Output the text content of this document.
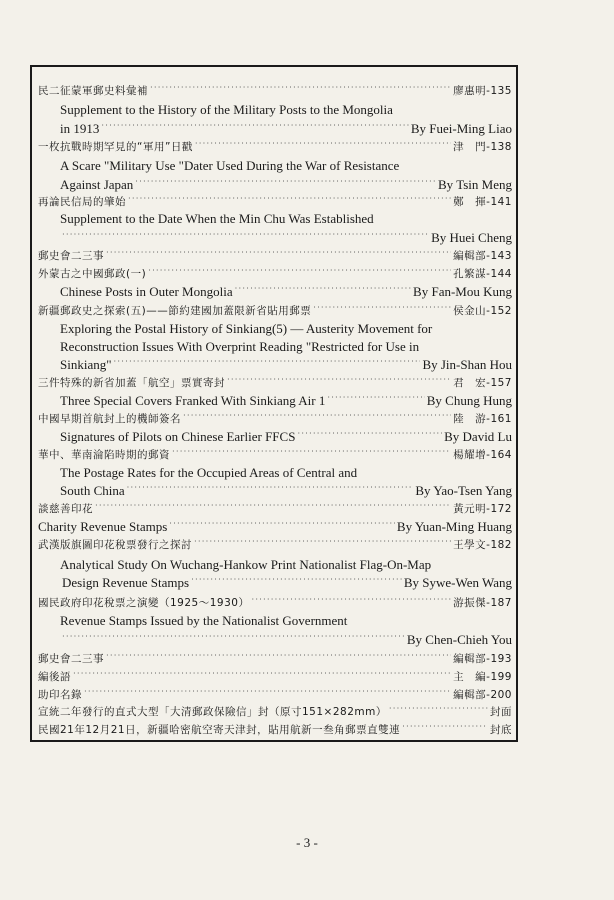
民二征蒙軍郵史料彙補 ·····	廖惠明-135
Supplement to the History of the Military Posts to the Mongolia
in 1913 ·····	By Fuei-Ming Liao
一枚抗戰時期罕見的“軍用”日戳 ·····	津　門-138
A Scare "Military Use "Dater Used During the War of Resistance
Against Japan ·····	By Tsin Meng
再論民信局的肇始 ·····	鄭　揮-141
Supplement to the Date When the Min Chu Was Established
·····
By Huei Cheng
郵史會二三事 ·····	編輯部-143
外蒙古之中國郵政(一) ·····	孔繁謀-144
Chinese Posts in Outer Mongolia ·····	By Fan-Mou Kung
新疆郵政史之探索(五)——節約建國加蓋限新省貼用郵票 ·····	侯金山-152
Exploring the Postal History of Sinkiang(5) — Austerity Movement for
Reconstruction Issues With Overprint Reading "Restricted for Use in
Sinkiang" ·····	By Jin-Shan Hou
三件特殊的新省加蓋「航空」票實寄封 ·····	君　宏-157
Three Special Covers Franked With Sinkiang Air 1 ·····	By Chung Hung
中國早期首航封上的機師簽名 ·····	陸　游-161
Signatures of Pilots on Chinese Earlier FFCS ·····	By David Lu
華中、華南淪陷時期的郵資 ·····	楊耀增-164
The Postage Rates for the Occupied Areas of Central and
South China ·····	By Yao-Tsen Yang
談慈善印花 ·····	黃元明-172
Charity Revenue Stamps ·····	By Yuan-Ming Huang
武漢版旗圖印花稅票發行之探討 ·····	王學文-182
Analytical Study On Wuchang-Hankow Print Nationalist Flag-On-Map
Design Revenue Stamps ·····	By Sywe-Wen Wang
國民政府印花稅票之演變（1925～1930） ·····	游振傑-187
Revenue Stamps Issued by the Nationalist Government
·····
By Chen-Chieh You
郵史會二三事 ·····	編輯部-193
編後語 ·····	主　編-199
助印名錄 ·····	編輯部-200
宣統二年發行的直式大型「大清郵政保險信」封（原寸151×282mm） ·····	封面
民國21年12月21日，新疆哈密航空寄天津封，貼用航新一叁角郵票直雙連 ·····	封底
- 3 -
